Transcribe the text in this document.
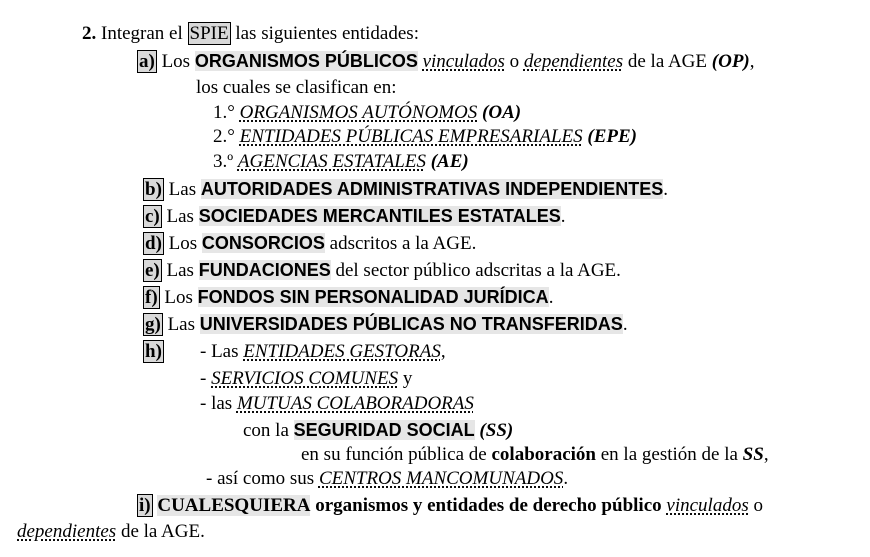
2. Integran el SPIE las siguientes entidades:
a) Los ORGANISMOS PÚBLICOS vinculados o dependientes de la AGE (OP),
los cuales se clasifican en:
1.° ORGANISMOS AUTÓNOMOS (OA)
2.° ENTIDADES PÚBLICAS EMPRESARIALES (EPE)
3.º AGENCIAS ESTATALES (AE)
b) Las AUTORIDADES ADMINISTRATIVAS INDEPENDIENTES.
c) Las SOCIEDADES MERCANTILES ESTATALES.
d) Los CONSORCIOS adscritos a la AGE.
e) Las FUNDACIONES del sector público adscritas a la AGE.
f) Los FONDOS SIN PERSONALIDAD JURÍDICA.
g) Las UNIVERSIDADES PÚBLICAS NO TRANSFERIDAS.
h) - Las ENTIDADES GESTORAS,
- SERVICIOS COMUNES y
- las MUTUAS COLABORADORAS
con la SEGURIDAD SOCIAL (SS)
en su función pública de colaboración en la gestión de la SS,
- así como sus CENTROS MANCOMUNADOS.
i) CUALESQUIERA organismos y entidades de derecho público vinculados o
dependientes de la AGE.
